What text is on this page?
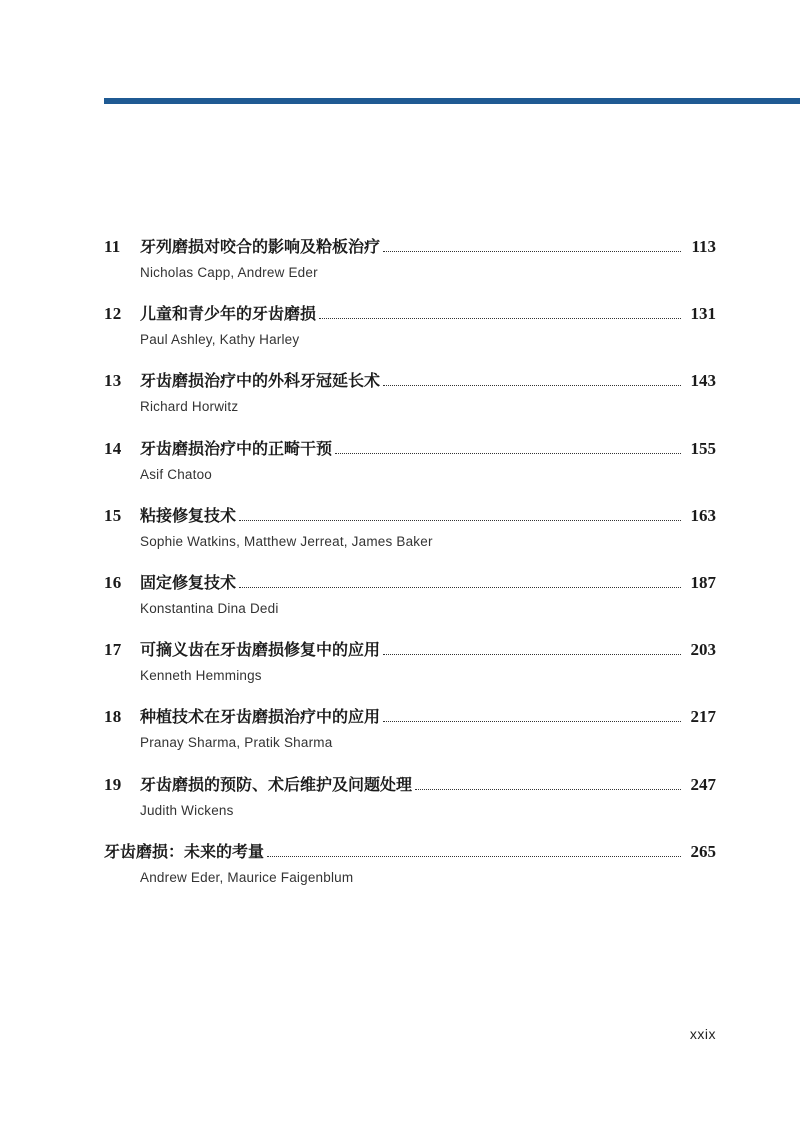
11	牙列磨损对咬合的影响及粭板治疗	113
Nicholas Capp, Andrew Eder
12	儿童和青少年的牙齿磨损	131
Paul Ashley, Kathy Harley
13	牙齿磨损治疗中的外科牙冠延长术	143
Richard Horwitz
14	牙齿磨损治疗中的正畸干预	155
Asif Chatoo
15	粘接修复技术	163
Sophie Watkins, Matthew Jerreat, James Baker
16	固定修复技术	187
Konstantina Dina Dedi
17	可摘义齿在牙齿磨损修复中的应用	203
Kenneth Hemmings
18	种植技术在牙齿磨损治疗中的应用	217
Pranay Sharma, Pratik Sharma
19	牙齿磨损的预防、术后维护及问题处理	247
Judith Wickens
牙齿磨损：未来的考量	265
Andrew Eder, Maurice Faigenblum
xxix
